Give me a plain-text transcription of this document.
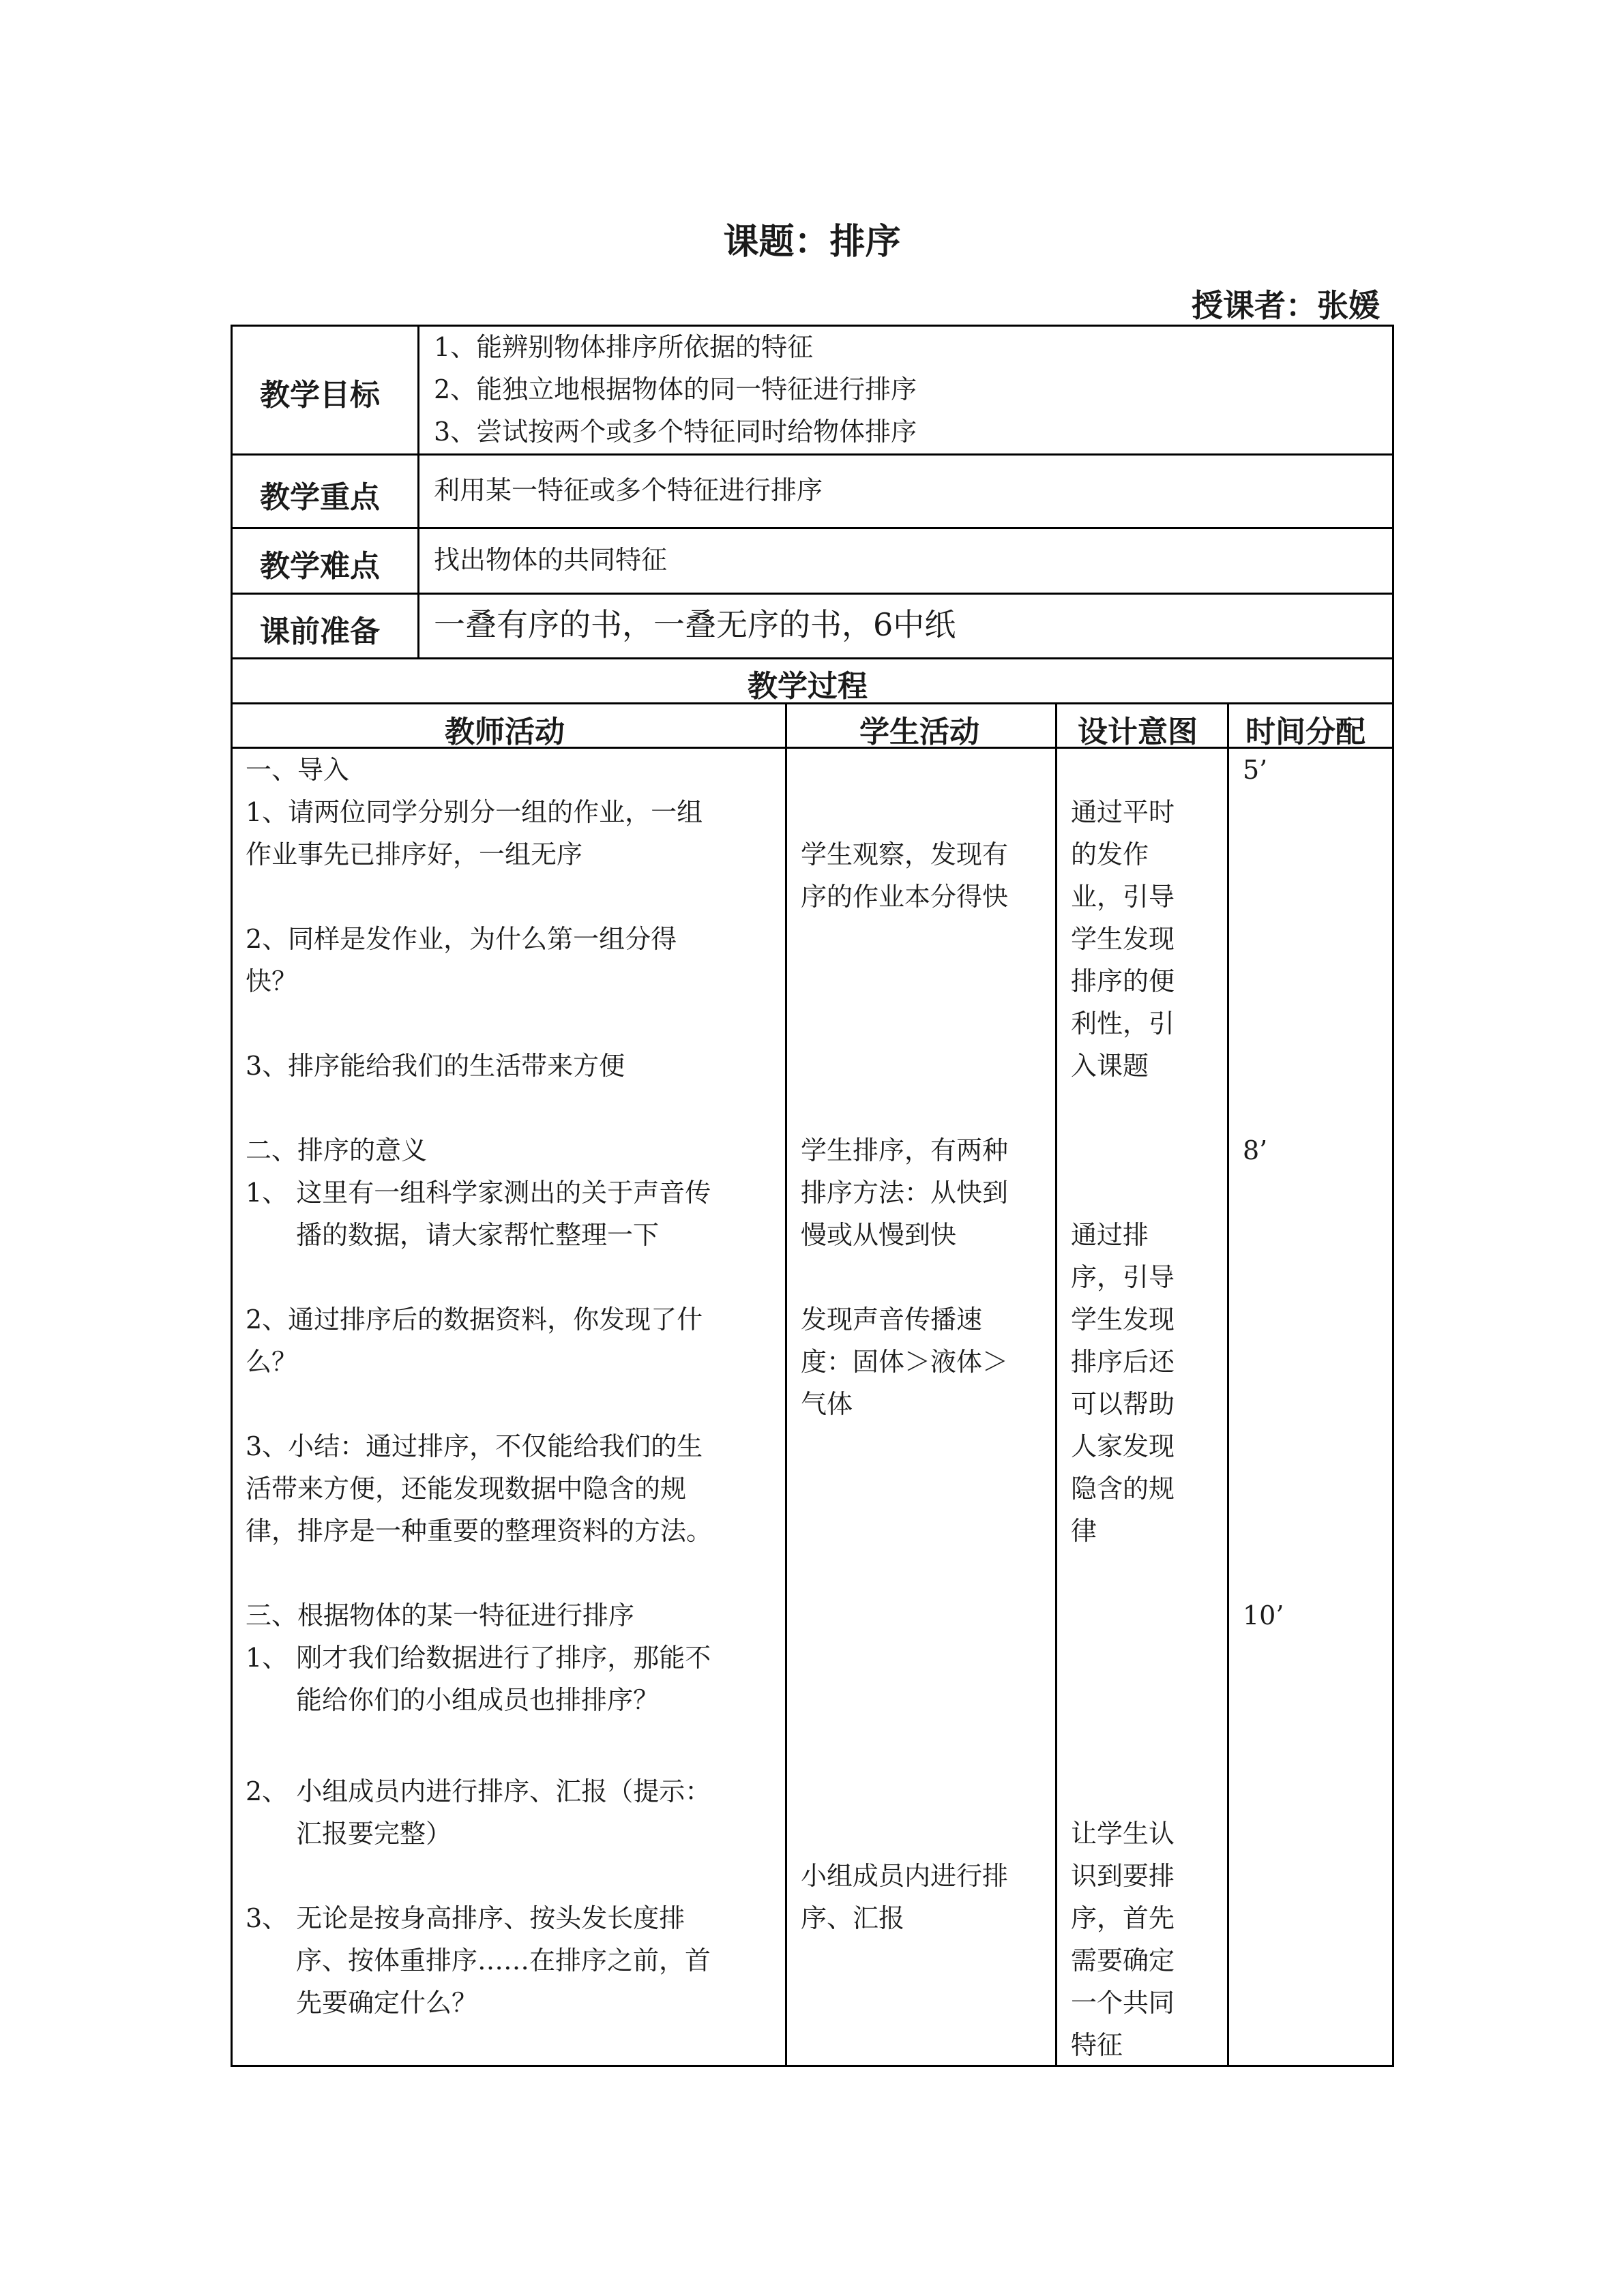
课题：排序
授课者：张媛
教学目标
1、能辨别物体排序所依据的特征
2、能独立地根据物体的同一特征进行排序
3、尝试按两个或多个特征同时给物体排序
教学重点 利用某一特征或多个特征进行排序
教学难点 找出物体的共同特征
课前准备 一叠有序的书，一叠无序的书，6中纸
教学过程
教师活动	学生活动	设计意图 时间分配
一、导入
1、请两位同学分别分一组的作业，一组
作业事先已排序好，一组无序
2、同样是发作业，为什么第一组分得
快？
3、排序能给我们的生活带来方便
二、排序的意义
1、 这里有一组科学家测出的关于声音传
播的数据，请大家帮忙整理一下
2、通过排序后的数据资料，你发现了什
么？
3、小结：通过排序，不仅能给我们的生
活带来方便，还能发现数据中隐含的规
律，排序是一种重要的整理资料的方法。
三、根据物体的某一特征进行排序
1、 刚才我们给数据进行了排序，那能不
能给你们的小组成员也排排序？
2、 小组成员内进行排序、汇报（提示：
汇报要完整）
3、 无论是按身高排序、按头发长度排
序、按体重排序……在排序之前，首
先要确定什么？
学生观察，发现有
序的作业本分得快
学生排序，有两种
排序方法：从快到
慢或从慢到快
发现声音传播速
度：固体＞液体＞
气体
小组成员内进行排
序、汇报
通过平时
的发作
业，引导
学生发现
排序的便
利性，引
入课题
通过排
序，引导
学生发现
排序后还
可以帮助
人家发现
隐含的规
律
让学生认
识到要排
序，首先
需要确定
一个共同
特征
5’
8’
10’
